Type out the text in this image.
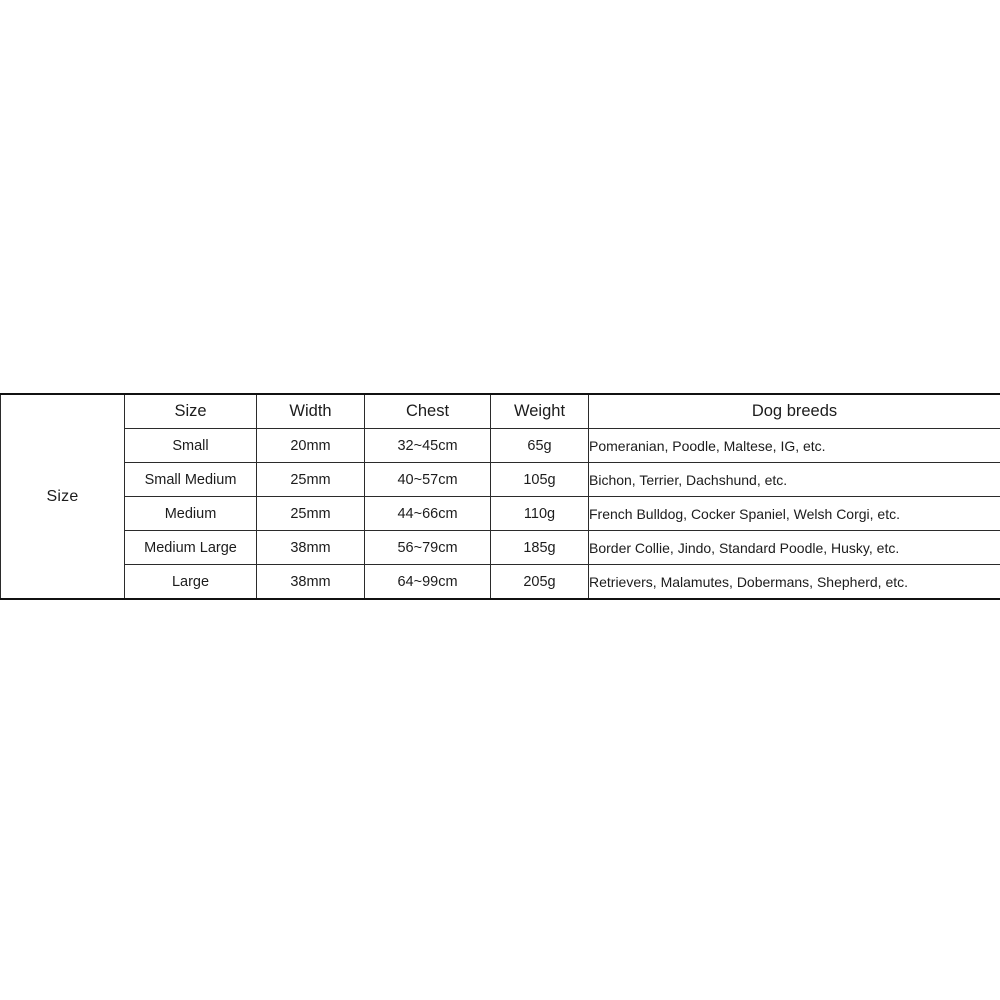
Size	Size	Width	Chest	Weight	Dog breeds
	Small	20mm	32~45cm	65g	Pomeranian, Poodle, Maltese, IG, etc.
	Small Medium	25mm	40~57cm	105g	Bichon, Terrier, Dachshund, etc.
	Medium	25mm	44~66cm	110g	French Bulldog, Cocker Spaniel, Welsh Corgi, etc.
	Medium Large	38mm	56~79cm	185g	Border Collie, Jindo, Standard Poodle, Husky, etc.
	Large	38mm	64~99cm	205g	Retrievers, Malamutes, Dobermans, Shepherd, etc.
